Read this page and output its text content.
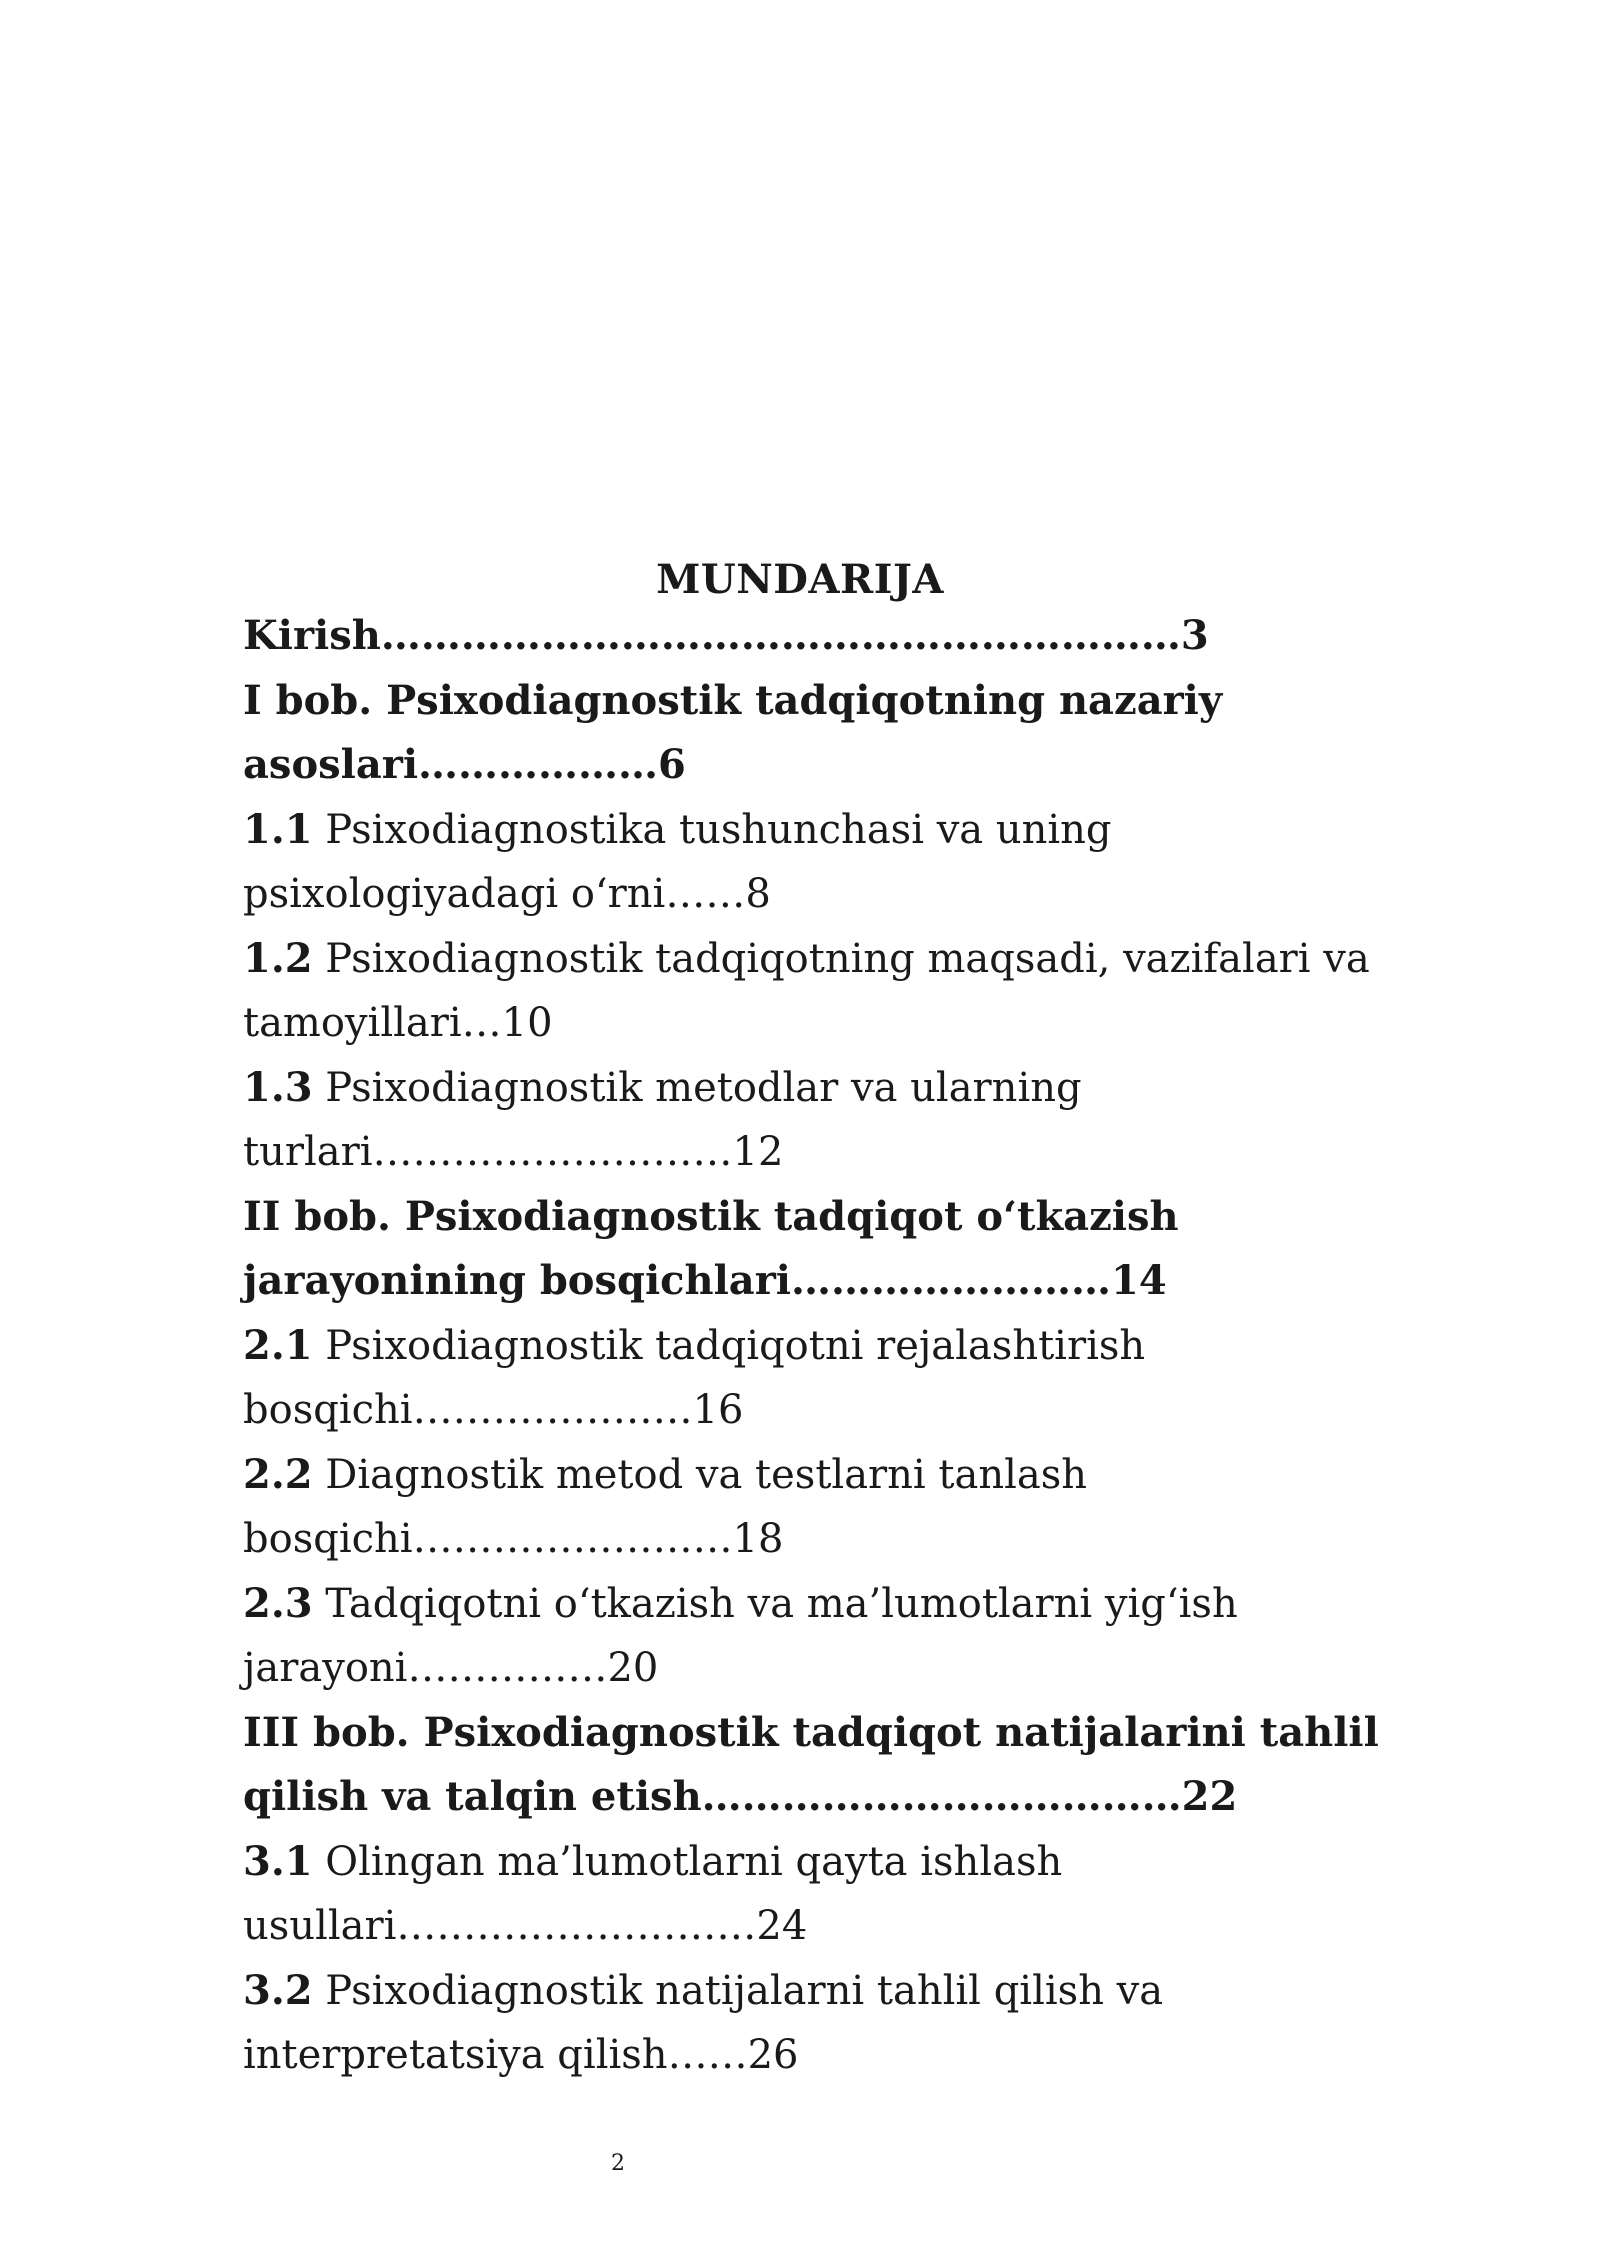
MUNDARIJA
Kirish……………………………………………………3
I bob. Psixodiagnostik tadqiqotning nazariy asoslari………………6
1.1 Psixodiagnostika tushunchasi va uning psixologiyadagi o‘rni……8
1.2 Psixodiagnostik tadqiqotning maqsadi, vazifalari va tamoyillari…10
1.3 Psixodiagnostik metodlar va ularning turlari………………………12
II bob. Psixodiagnostik tadqiqot o‘tkazish jarayonining bosqichlari……………………14
2.1 Psixodiagnostik tadqiqotni rejalashtirish bosqichi…………………16
2.2 Diagnostik metod va testlarni tanlash bosqichi……………………18
2.3 Tadqiqotni o‘tkazish va ma’lumotlarni yig‘ish jarayoni……………20
III bob. Psixodiagnostik tadqiqot natijalarini tahlil qilish va talqin etish………………………………22
3.1 Olingan ma’lumotlarni qayta ishlash usullari………………………24
3.2 Psixodiagnostik natijalarni tahlil qilish va interpretatsiya qilish……26
2
